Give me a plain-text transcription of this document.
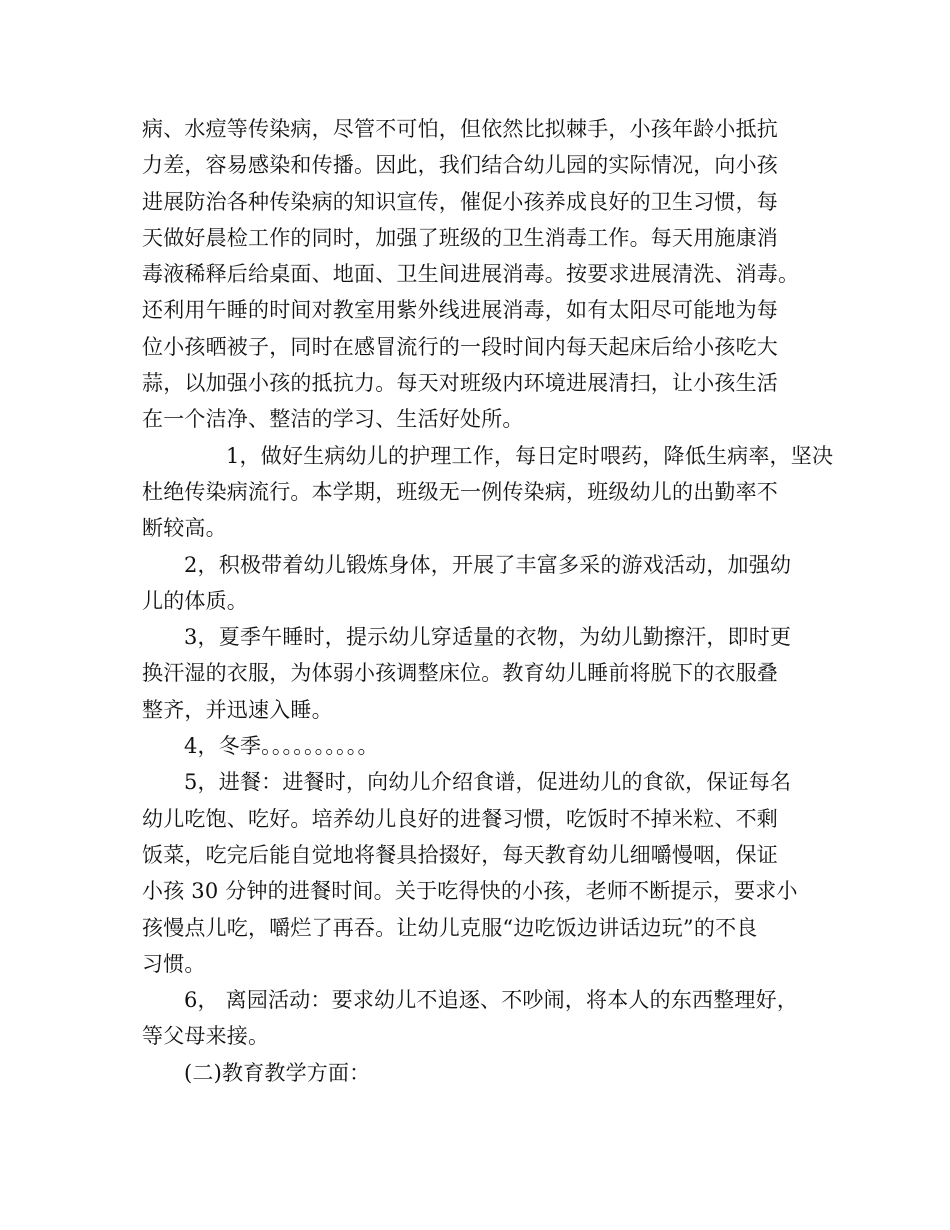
病、水痘等传染病，尽管不可怕，但依然比拟棘手，小孩年龄小抵抗
力差，容易感染和传播。因此，我们结合幼儿园的实际情况，向小孩
进展防治各种传染病的知识宣传，催促小孩养成良好的卫生习惯，每
天做好晨检工作的同时，加强了班级的卫生消毒工作。每天用施康消
毒液稀释后给桌面、地面、卫生间进展消毒。按要求进展清洗、消毒。
还利用午睡的时间对教室用紫外线进展消毒，如有太阳尽可能地为每
位小孩晒被子，同时在感冒流行的一段时间内每天起床后给小孩吃大
蒜，以加强小孩的抵抗力。每天对班级内环境进展清扫，让小孩生活
在一个洁净、整洁的学习、生活好处所。
1，做好生病幼儿的护理工作，每日定时喂药，降低生病率，坚决
杜绝传染病流行。本学期，班级无一例传染病，班级幼儿的出勤率不
断较高。
2，积极带着幼儿锻炼身体，开展了丰富多采的游戏活动，加强幼
儿的体质。
3，夏季午睡时，提示幼儿穿适量的衣物，为幼儿勤擦汗，即时更
换汗湿的衣服，为体弱小孩调整床位。教育幼儿睡前将脱下的衣服叠
整齐，并迅速入睡。
4，冬季。。。。。。。。。。
5，进餐：进餐时，向幼儿介绍食谱，促进幼儿的食欲，保证每名
幼儿吃饱、吃好。培养幼儿良好的进餐习惯，吃饭时不掉米粒、不剩
饭菜，吃完后能自觉地将餐具拾掇好，每天教育幼儿细嚼慢咽，保证
小孩 30 分钟的进餐时间。关于吃得快的小孩，老师不断提示，要求小
孩慢点儿吃，嚼烂了再吞。让幼儿克服“边吃饭边讲话边玩”的不良
习惯。
6， 离园活动：要求幼儿不追逐、不吵闹，将本人的东西整理好，
等父母来接。
(二)教育教学方面：
